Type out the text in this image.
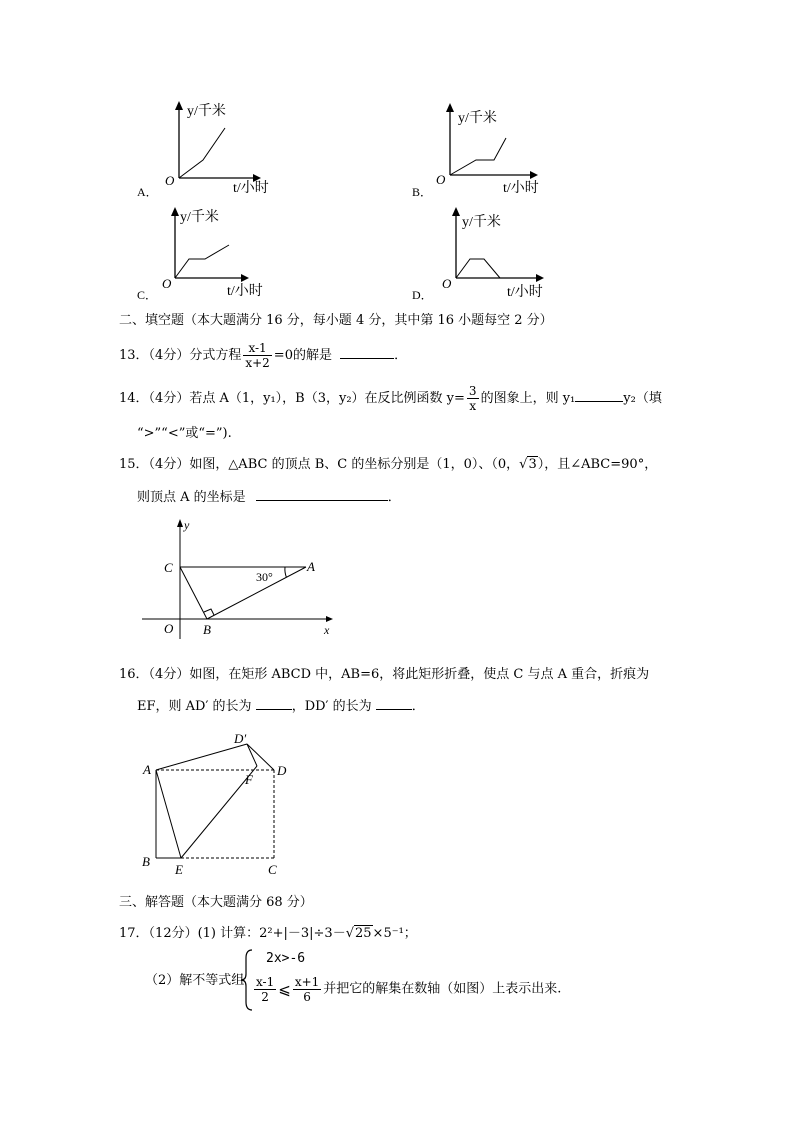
y/千米
t/小时
O
A．
y/千米
t/小时
O
B．
y/千米
t/小时
O
C．
y/千米
t/小时
O
D．
二、填空题（本大题满分 16 分，每小题 4 分，其中第 16 小题每空 2 分）
13．（4分）分式方程 $\frac{x-1}{x+2} =0$的解是	．
14．（4分）若点 A（1，y₁），B（3，y₂）在反比例函数 $y= \frac{3}{x}$ 的图象上，则 y₁	y₂（填
“>”“<”或“=”).
15．（4分）如图，△ABC 的顶点 B、C 的坐标分别是（1，0）、（0，√3），且∠ABC=90°，
则顶点 A 的坐标是	．
y
C	A
30°
O B	x
16．（4分）如图，在矩形 ABCD 中，AB=6，将此矩形折叠，使点 C 与点 A 重合，折痕为
EF，则 AD′ 的长为	，DD′ 的长为	．
D′
A	D
F
B
E	C
三、解答题（本大题满分 68 分）
17．（12分）(1) 计算：2²+|－3|÷3－√25×5⁻¹；
（2）解不等式组
2x>-6
$\frac{x-1}{2}$ ⩽ $\frac{x+1}{6}$ 并把它的解集在数轴（如图）上表示出来.
